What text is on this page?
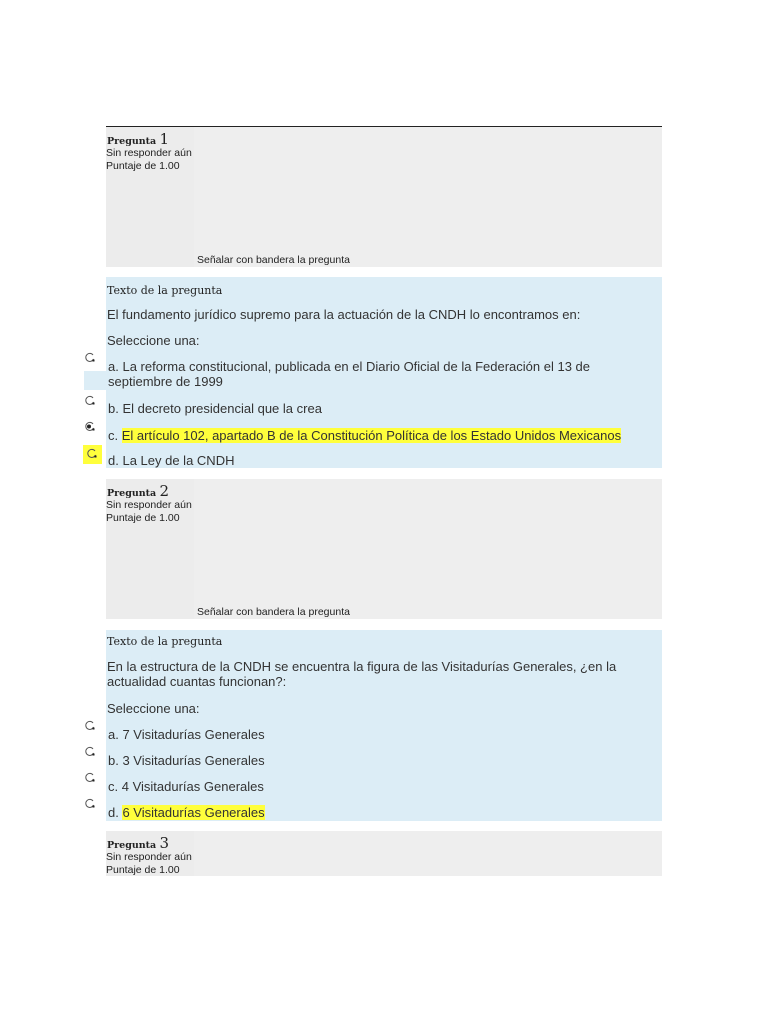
Pregunta 1
Sin responder aún
Puntaje de 1.00
Señalar con bandera la pregunta
Texto de la pregunta
El fundamento jurídico supremo para la actuación de la CNDH lo encontramos en:
Seleccione una:
a. La reforma constitucional, publicada en el Diario Oficial de la Federación el 13 de septiembre de 1999
b. El decreto presidencial que la crea
c. El artículo 102, apartado B de la Constitución Política de los Estado Unidos Mexicanos
d. La Ley de la CNDH
Pregunta 2
Sin responder aún
Puntaje de 1.00
Señalar con bandera la pregunta
Texto de la pregunta
En la estructura de la CNDH se encuentra la figura de las Visitadurías Generales, ¿en la actualidad cuantas funcionan?:
Seleccione una:
a. 7 Visitadurías Generales
b. 3 Visitadurías Generales
c. 4 Visitadurías Generales
d. 6 Visitadurías Generales
Pregunta 3
Sin responder aún
Puntaje de 1.00
